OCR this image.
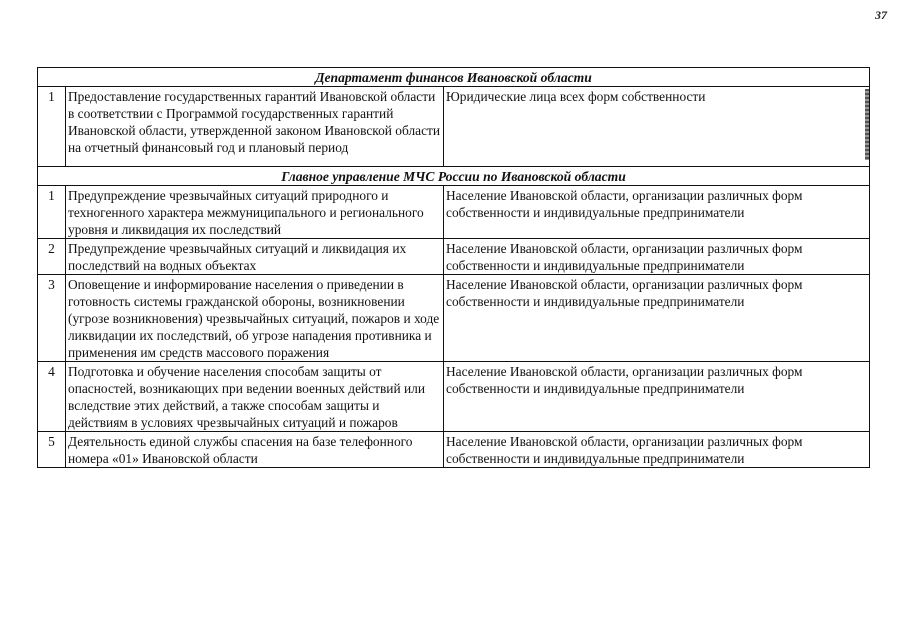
37
Департамент финансов Ивановской области		
1	Предоставление государственных гарантий Ивановской области в соответствии с Программой государственных гарантий Ивановской области, утвержденной законом Ивановской области на отчетный финансовый год и плановый период	Юридические лица всех форм собственности
Главное управление МЧС России по Ивановской области		
1	Предупреждение чрезвычайных ситуаций природного и техногенного характера межмуниципального и регионального уровня и ликвидация их последствий	Население Ивановской области, организации различных форм собственности и индивидуальные предприниматели
2	Предупреждение чрезвычайных ситуаций и ликвидация их последствий на водных объектах	Население Ивановской области, организации различных форм собственности и индивидуальные предприниматели
3	Оповещение и информирование населения о приведении в готовность системы гражданской обороны, возникновении (угрозе возникновения) чрезвычайных ситуаций, пожаров и ходе ликвидации их последствий, об угрозе нападения противника и применения им средств массового поражения	Население Ивановской области, организации различных форм собственности и индивидуальные предприниматели
4	Подготовка и обучение населения способам защиты от опасностей, возникающих при ведении военных действий или вследствие этих действий, а также способам защиты и действиям в условиях чрезвычайных ситуаций и пожаров	Население Ивановской области, организации различных форм собственности и индивидуальные предприниматели
5	Деятельность единой службы спасения на базе телефонного номера «01» Ивановской области	Население Ивановской области, организации различных форм собственности и индивидуальные предприниматели
